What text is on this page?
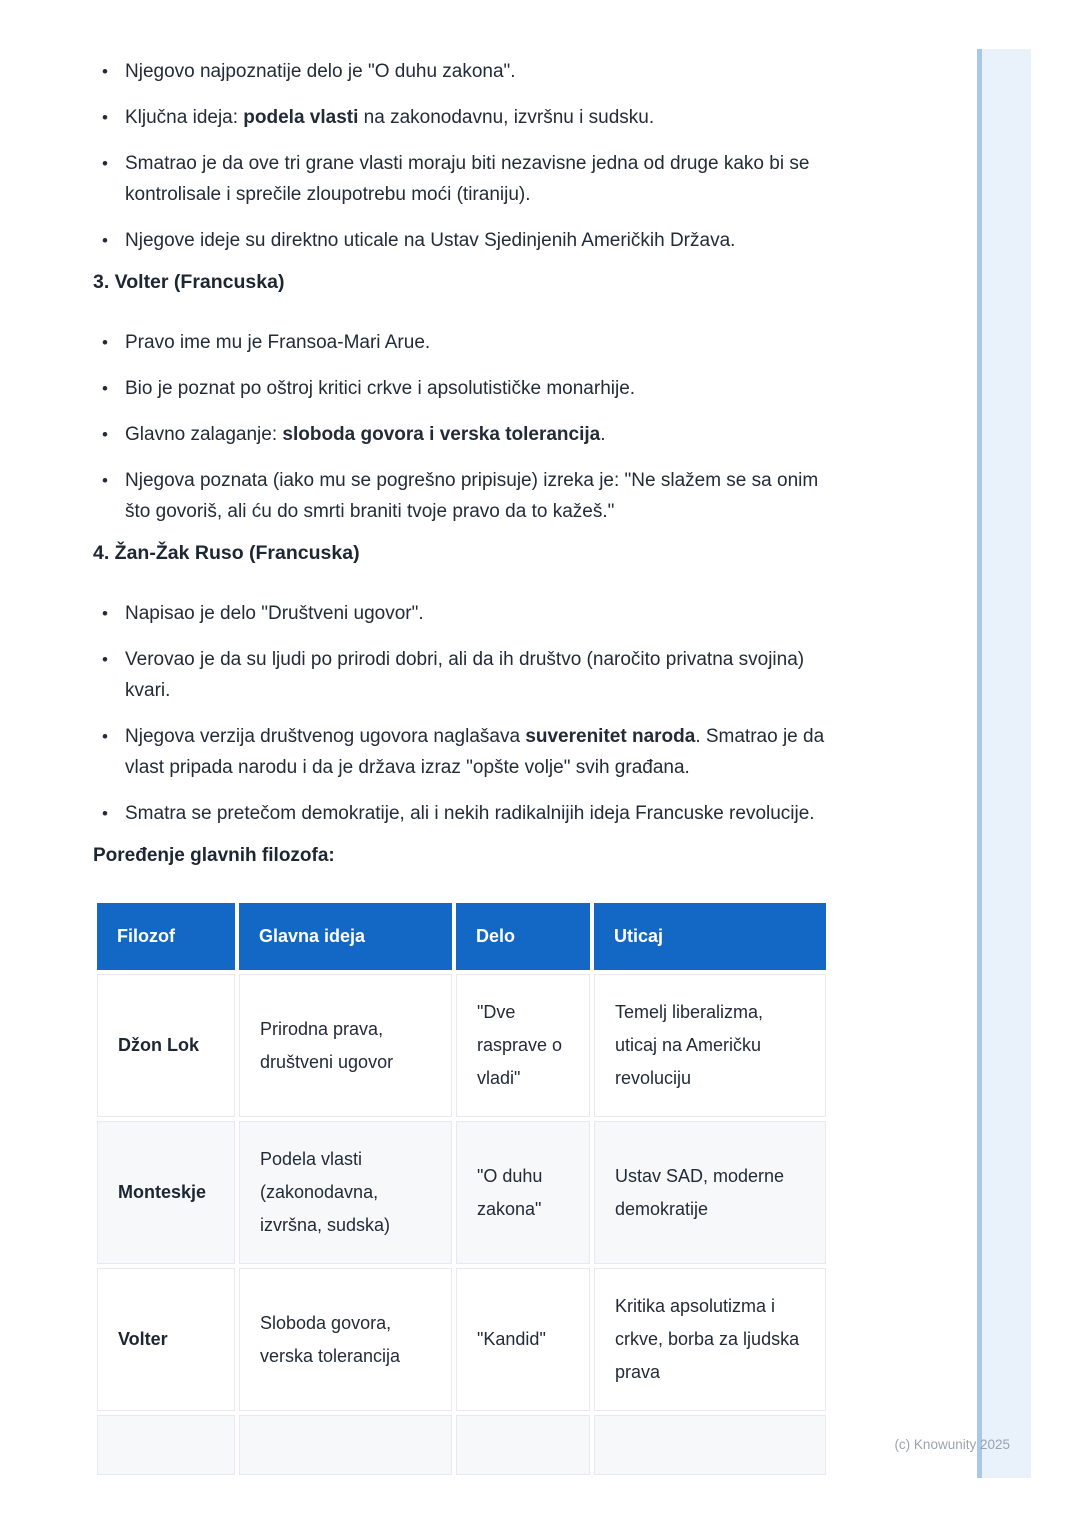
• Njegovo najpoznatije delo je "O duhu zakona".

• Ključna ideja: podela vlasti na zakonodavnu, izvršnu i sudsku.

• Smatrao je da ove tri grane vlasti moraju biti nezavisne jedna od druge kako bi se kontrolisale i sprečile zloupotrebu moći (tiraniju).

• Njegove ideje su direktno uticale na Ustav Sjedinjenih Američkih Država.

3. Volter (Francuska)
• Pravo ime mu je Fransoa-Mari Arue.

• Bio je poznat po oštroj kritici crkve i apsolutističke monarhije.

• Glavno zalaganje: sloboda govora i verska tolerancija.

• Njegova poznata (iako mu se pogrešno pripisuje) izreka je: "Ne slažem se sa onim što govoriš, ali ću do smrti braniti tvoje pravo da to kažeš."

4. Žan-Žak Ruso (Francuska)
• Napisao je delo "Društveni ugovor".

• Verovao je da su ljudi po prirodi dobri, ali da ih društvo (naročito privatna svojina) kvari.

• Njegova verzija društvenog ugovora naglašava suverenitet naroda. Smatrao je da vlast pripada narodu i da je država izraz "opšte volje" svih građana.

• Smatra se pretečom demokratije, ali i nekih radikalnijih ideja Francuske revolucije.

Poređenje glavnih filozofa:
Filozof	Glavna ideja	Delo	Uticaj
Džon Lok	Prirodna prava, društveni ugovor	"Dve rasprave o vladi"	Temelj liberalizma, uticaj na Američku revoluciju
Monteskje	Podela vlasti (zakonodavna, izvršna, sudska)	"O duhu zakona"	Ustav SAD, moderne demokratije
Volter	Sloboda govora, verska tolerancija	"Kandid"	Kritika apsolutizma i crkve, borba za ljudska prava

(c) Knowunity 2025
